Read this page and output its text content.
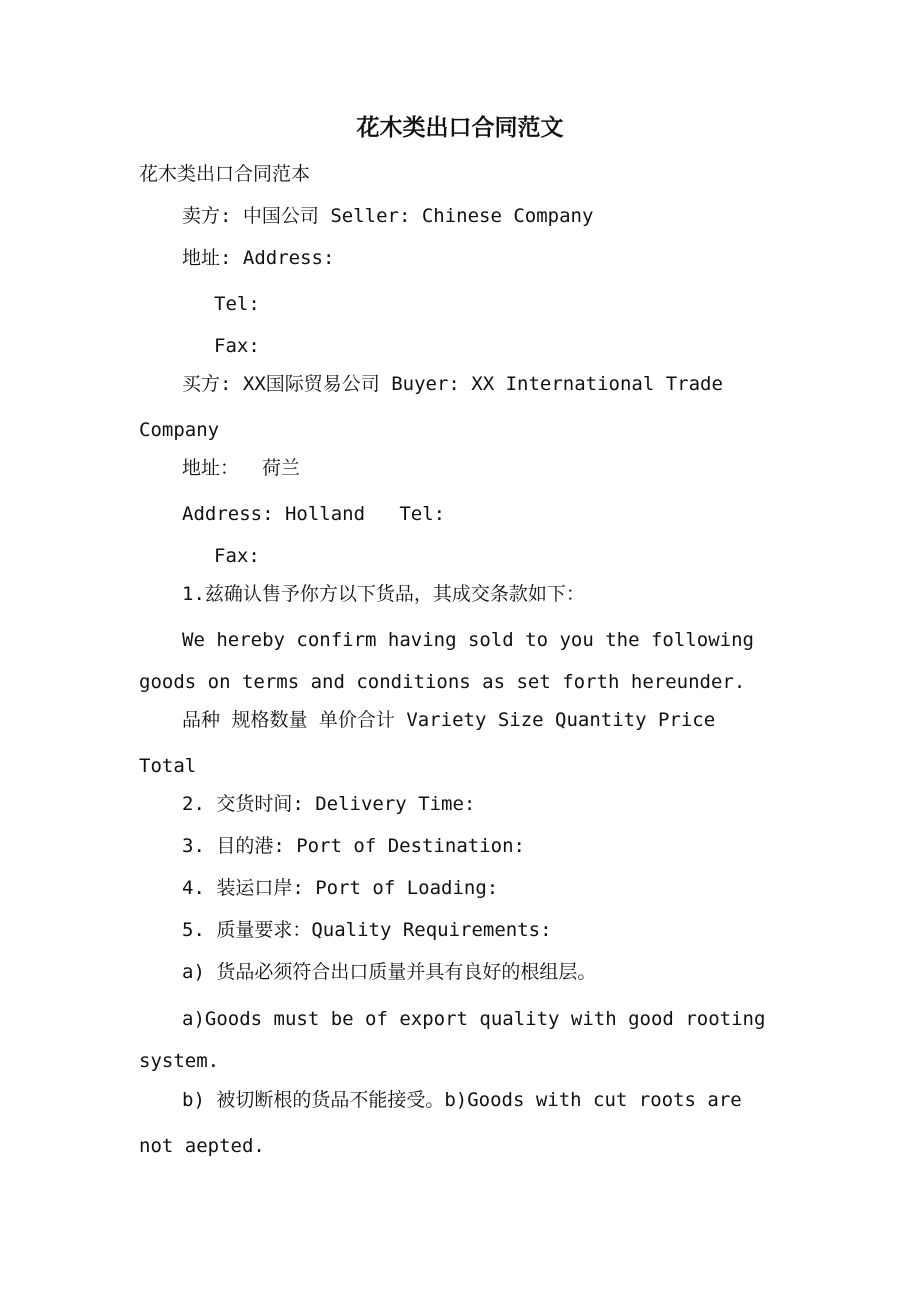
花木类出口合同范文

花木类出口合同范本

卖方: 中国公司 Seller: Chinese Company

地址: Address:

Tel:

Fax:

买方: XX国际贸易公司 Buyer: XX International Trade

Company

地址：  荷兰

Address: Holland   Tel:

Fax:

1.兹确认售予你方以下货品，其成交条款如下：

We hereby confirm having sold to you the following

goods on terms and conditions as set forth hereunder.

品种 规格数量 单价合计 Variety Size Quantity Price

Total

2. 交货时间: Delivery Time:

3. 目的港: Port of Destination:

4. 装运口岸: Port of Loading:

5. 质量要求：Quality Requirements:

a) 货品必须符合出口质量并具有良好的根组层。

a)Goods must be of export quality with good rooting

system.

b) 被切断根的货品不能接受。b)Goods with cut roots are

not aepted.
